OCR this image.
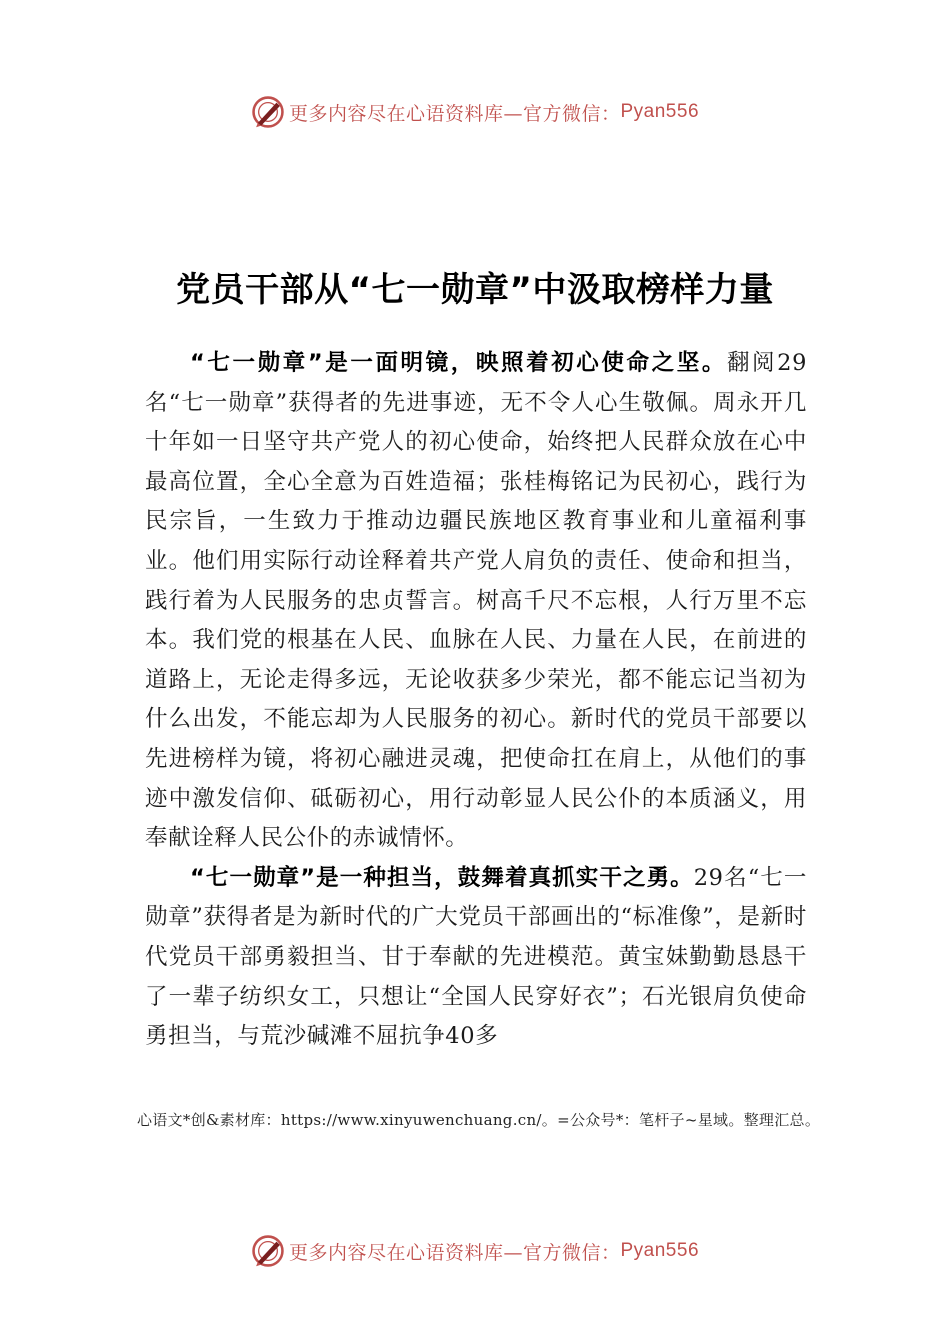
更多内容尽在心语资料库—官方微信： Pyan556
党员干部从“七一勋章”中汲取榜样力量

“七一勋章”是一面明镜，映照着初心使命之坚。翻阅29名“七一勋章”获得者的先进事迹，无不令人心生敬佩。周永开几十年如一日坚守共产党人的初心使命，始终把人民群众放在心中最高位置，全心全意为百姓造福；张桂梅铭记为民初心，践行为民宗旨，一生致力于推动边疆民族地区教育事业和儿童福利事业。他们用实际行动诠释着共产党人肩负的责任、使命和担当，践行着为人民服务的忠贞誓言。树高千尺不忘根，人行万里不忘本。我们党的根基在人民、血脉在人民、力量在人民，在前进的道路上，无论走得多远，无论收获多少荣光，都不能忘记当初为什么出发，不能忘却为人民服务的初心。新时代的党员干部要以先进榜样为镜，将初心融进灵魂，把使命扛在肩上，从他们的事迹中激发信仰、砥砺初心，用行动彰显人民公仆的本质涵义，用奉献诠释人民公仆的赤诚情怀。

“七一勋章”是一种担当，鼓舞着真抓实干之勇。29名“七一勋章”获得者是为新时代的广大党员干部画出的“标准像”，是新时代党员干部勇毅担当、甘于奉献的先进模范。黄宝妹勤勤恳恳干了一辈子纺织女工，只想让“全国人民穿好衣”；石光银肩负使命勇担当，与荒沙碱滩不屈抗争40多

心语文*创&素材库：https://www.xinyuwenchuang.cn/。=公众号*：笔杆子~星域。整理汇总。
更多内容尽在心语资料库—官方微信： Pyan556
